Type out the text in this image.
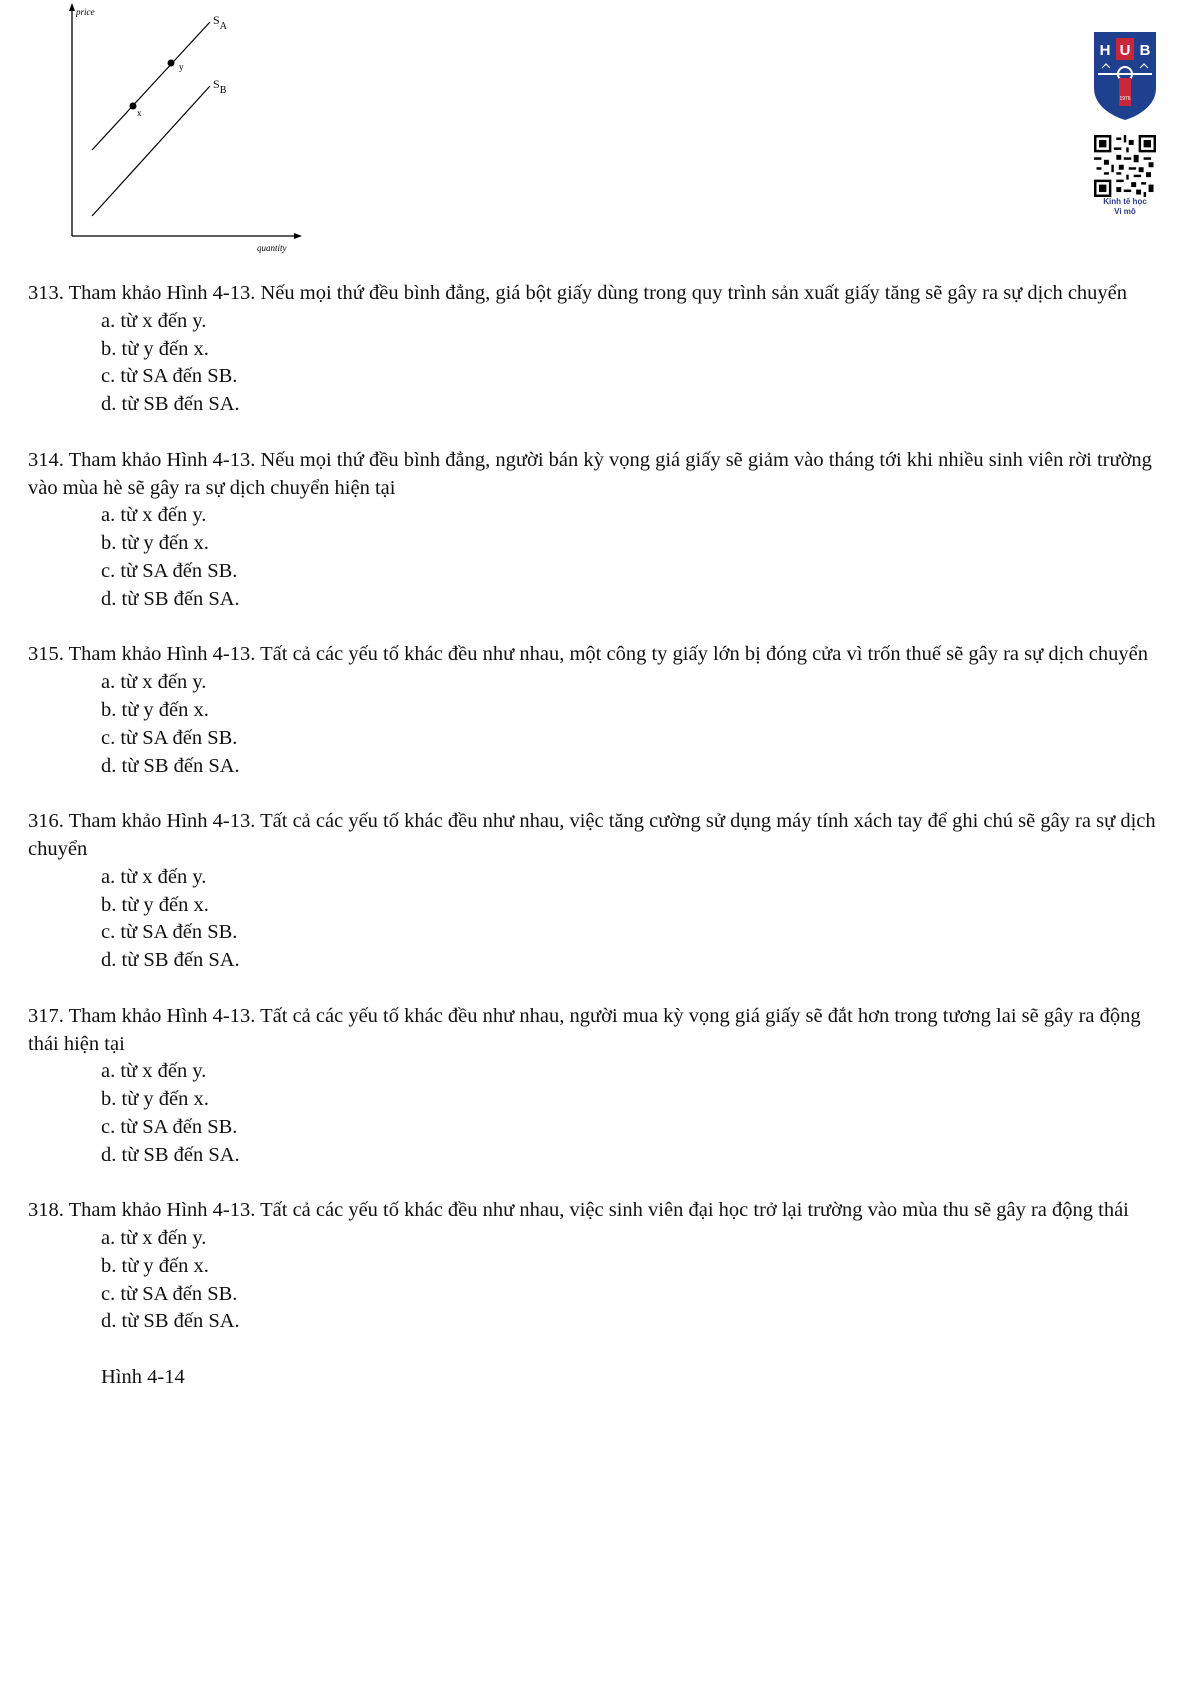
price
quantity
$S_A$
$S_B$
x
y
H U B
1976
Kinh tế học
Vi mô

313. Tham khảo Hình 4-13. Nếu mọi thứ đều bình đẳng, giá bột giấy dùng trong quy trình sản xuất giấy tăng sẽ gây ra sự dịch chuyển

a. từ x đến y.

b. từ y đến x.

c. từ SA đến SB.

d. từ SB đến SA.

314. Tham khảo Hình 4-13. Nếu mọi thứ đều bình đẳng, người bán kỳ vọng giá giấy sẽ giảm vào tháng tới khi nhiều sinh viên rời trường vào mùa hè sẽ gây ra sự dịch chuyển hiện tại

a. từ x đến y.

b. từ y đến x.

c. từ SA đến SB.

d. từ SB đến SA.

315. Tham khảo Hình 4-13. Tất cả các yếu tố khác đều như nhau, một công ty giấy lớn bị đóng cửa vì trốn thuế sẽ gây ra sự dịch chuyển

a. từ x đến y.

b. từ y đến x.

c. từ SA đến SB.

d. từ SB đến SA.

316. Tham khảo Hình 4-13. Tất cả các yếu tố khác đều như nhau, việc tăng cường sử dụng máy tính xách tay để ghi chú sẽ gây ra sự dịch chuyển

a. từ x đến y.

b. từ y đến x.

c. từ SA đến SB.

d. từ SB đến SA.

317. Tham khảo Hình 4-13. Tất cả các yếu tố khác đều như nhau, người mua kỳ vọng giá giấy sẽ đắt hơn trong tương lai sẽ gây ra động thái hiện tại

a. từ x đến y.

b. từ y đến x.

c. từ SA đến SB.

d. từ SB đến SA.

318. Tham khảo Hình 4-13. Tất cả các yếu tố khác đều như nhau, việc sinh viên đại học trở lại trường vào mùa thu sẽ gây ra động thái

a. từ x đến y.

b. từ y đến x.

c. từ SA đến SB.

d. từ SB đến SA.

Hình 4-14
